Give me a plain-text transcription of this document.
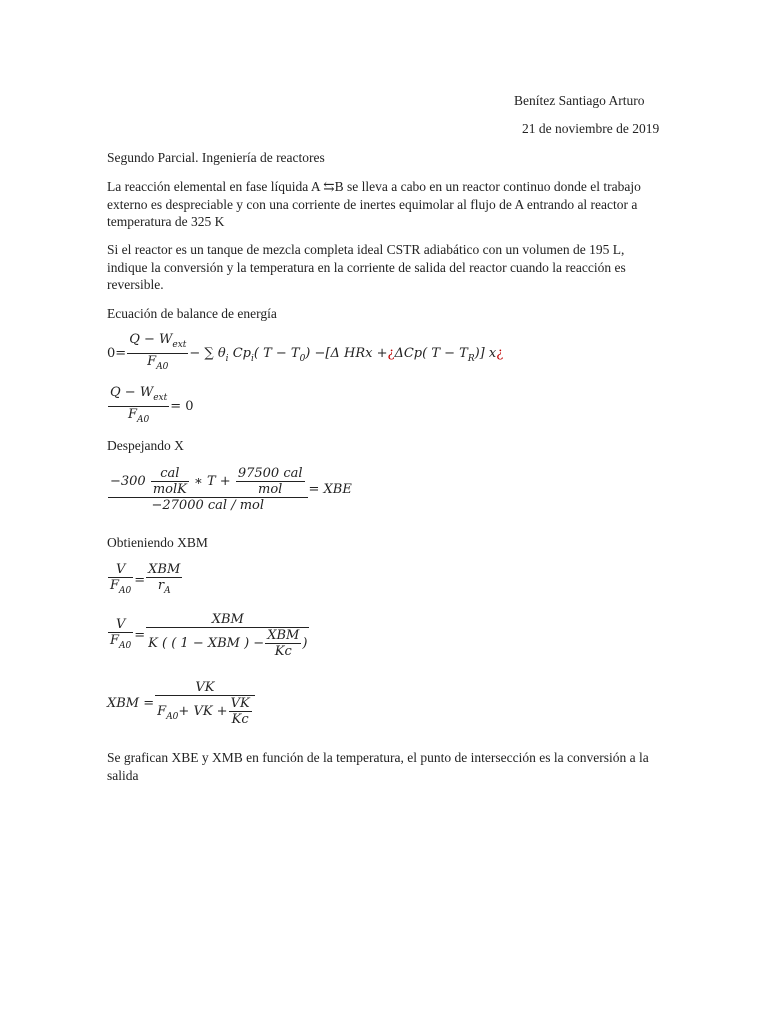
Benítez Santiago Arturo
21 de noviembre de 2019
Segundo Parcial. Ingeniería de reactores
La reacción elemental en fase líquida A ⇆B se lleva a cabo en un reactor continuo donde el trabajo externo es despreciable y con una corriente de inertes equimolar al flujo de A entrando al reactor a temperatura de 325 K
Si el reactor es un tanque de mezcla completa ideal CSTR adiabático con un volumen de 195 L, indique la conversión y la temperatura en la corriente de salida del reactor cuando la reacción es reversible.
Ecuación de balance de energía
$0= \frac{Q - W_{ext}}{F_{A0}}$ − ∑ $\theta_i$ $Cp_i$( $T - T_0) -[\Delta$ HRx +¿ΔCp( $T - T_R$)] x¿
$\frac{Q - W_{ext}}{F_{A0}} = 0$
Despejando X
$\frac{-300 \frac{\text{cal}}{\text{molK}} ∗ T + \frac{\text{97500 cal}}{\text{mol}}}{\text{−27000 cal / mol}}$ = XBE
Obtieniendo XBM
$\frac{V}{F_{A0}} = \frac{\text{XBM}}{r_A}$
$\frac{V}{F_{A0}} = \frac{\text{XBM}}{K ( ( 1 - XBM ) - \frac{\text{XBM}}{Kc} )}$
XBM = $\frac{VK}{F_{A0}+ VK + \frac{VK}{Kc}}$
Se grafican XBE y XMB en función de la temperatura, el punto de intersección es la conversión a la salida
